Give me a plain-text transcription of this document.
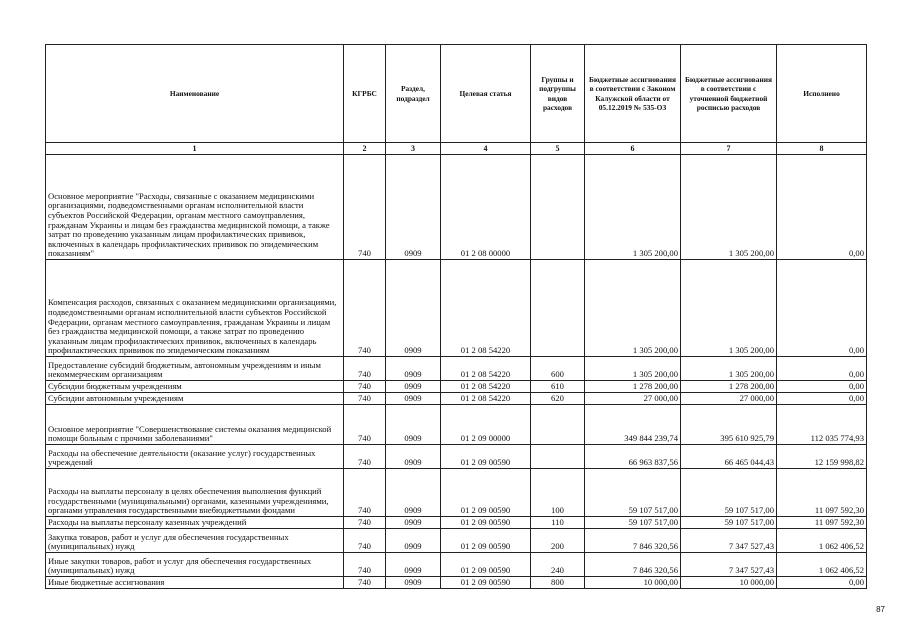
Наименование	КГРБС	Раздел, подраздел	Целевая статья	Группы и подгруппы видов расходов	Бюджетные ассигнования в соответствии с Законом Калужской области от 05.12.2019 № 535-ОЗ	Бюджетные ассигнования в соответствии с уточненной бюджетной росписью расходов	Исполнено
1	2	3	4	5	6	7	8
Основное мероприятие "Расходы, связанные с оказанием медицинскими организациями, подведомственными органам исполнительной власти субъектов Российской Федерации, органам местного самоуправления, гражданам Украины и лицам без гражданства медицинской помощи, а также затрат по проведению указанным лицам профилактических прививок, включенных в календарь профилактических прививок по эпидемическим показаниям"	740	0909	01 2 08 00000		1 305 200,00	1 305 200,00	0,00
Компенсация расходов, связанных с оказанием медицинскими организациями, подведомственными органам исполнительной власти субъектов Российской Федерации, органам местного самоуправления, гражданам Украины и лицам без гражданства медицинской помощи, а также затрат по проведению указанным лицам профилактических прививок, включенных в календарь профилактических прививок по эпидемическим показаниям	740	0909	01 2 08 54220		1 305 200,00	1 305 200,00	0,00
Предоставление субсидий бюджетным, автономным учреждениям и иным некоммерческим организациям	740	0909	01 2 08 54220	600	1 305 200,00	1 305 200,00	0,00
Субсидии бюджетным учреждениям	740	0909	01 2 08 54220	610	1 278 200,00	1 278 200,00	0,00
Субсидии автономным учреждениям	740	0909	01 2 08 54220	620	27 000,00	27 000,00	0,00
Основное мероприятие "Совершенствование системы оказания медицинской помощи больным с прочими заболеваниями"	740	0909	01 2 09 00000		349 844 239,74	395 610 925,79	112 035 774,93
Расходы на обеспечение деятельности (оказание услуг) государственных учреждений	740	0909	01 2 09 00590		66 963 837,56	66 465 044,43	12 159 998,82
Расходы на выплаты персоналу в целях обеспечения выполнения функций государственными (муниципальными) органами, казенными учреждениями, органами управления государственными внебюджетными фондами	740	0909	01 2 09 00590	100	59 107 517,00	59 107 517,00	11 097 592,30
Расходы на выплаты персоналу казенных учреждений	740	0909	01 2 09 00590	110	59 107 517,00	59 107 517,00	11 097 592,30
Закупка товаров, работ и услуг для обеспечения государственных (муниципальных) нужд	740	0909	01 2 09 00590	200	7 846 320,56	7 347 527,43	1 062 406,52
Иные закупки товаров, работ и услуг для обеспечения государственных (муниципальных) нужд	740	0909	01 2 09 00590	240	7 846 320,56	7 347 527,43	1 062 406,52
Иные бюджетные ассигнования	740	0909	01 2 09 00590	800	10 000,00	10 000,00	0,00
87
